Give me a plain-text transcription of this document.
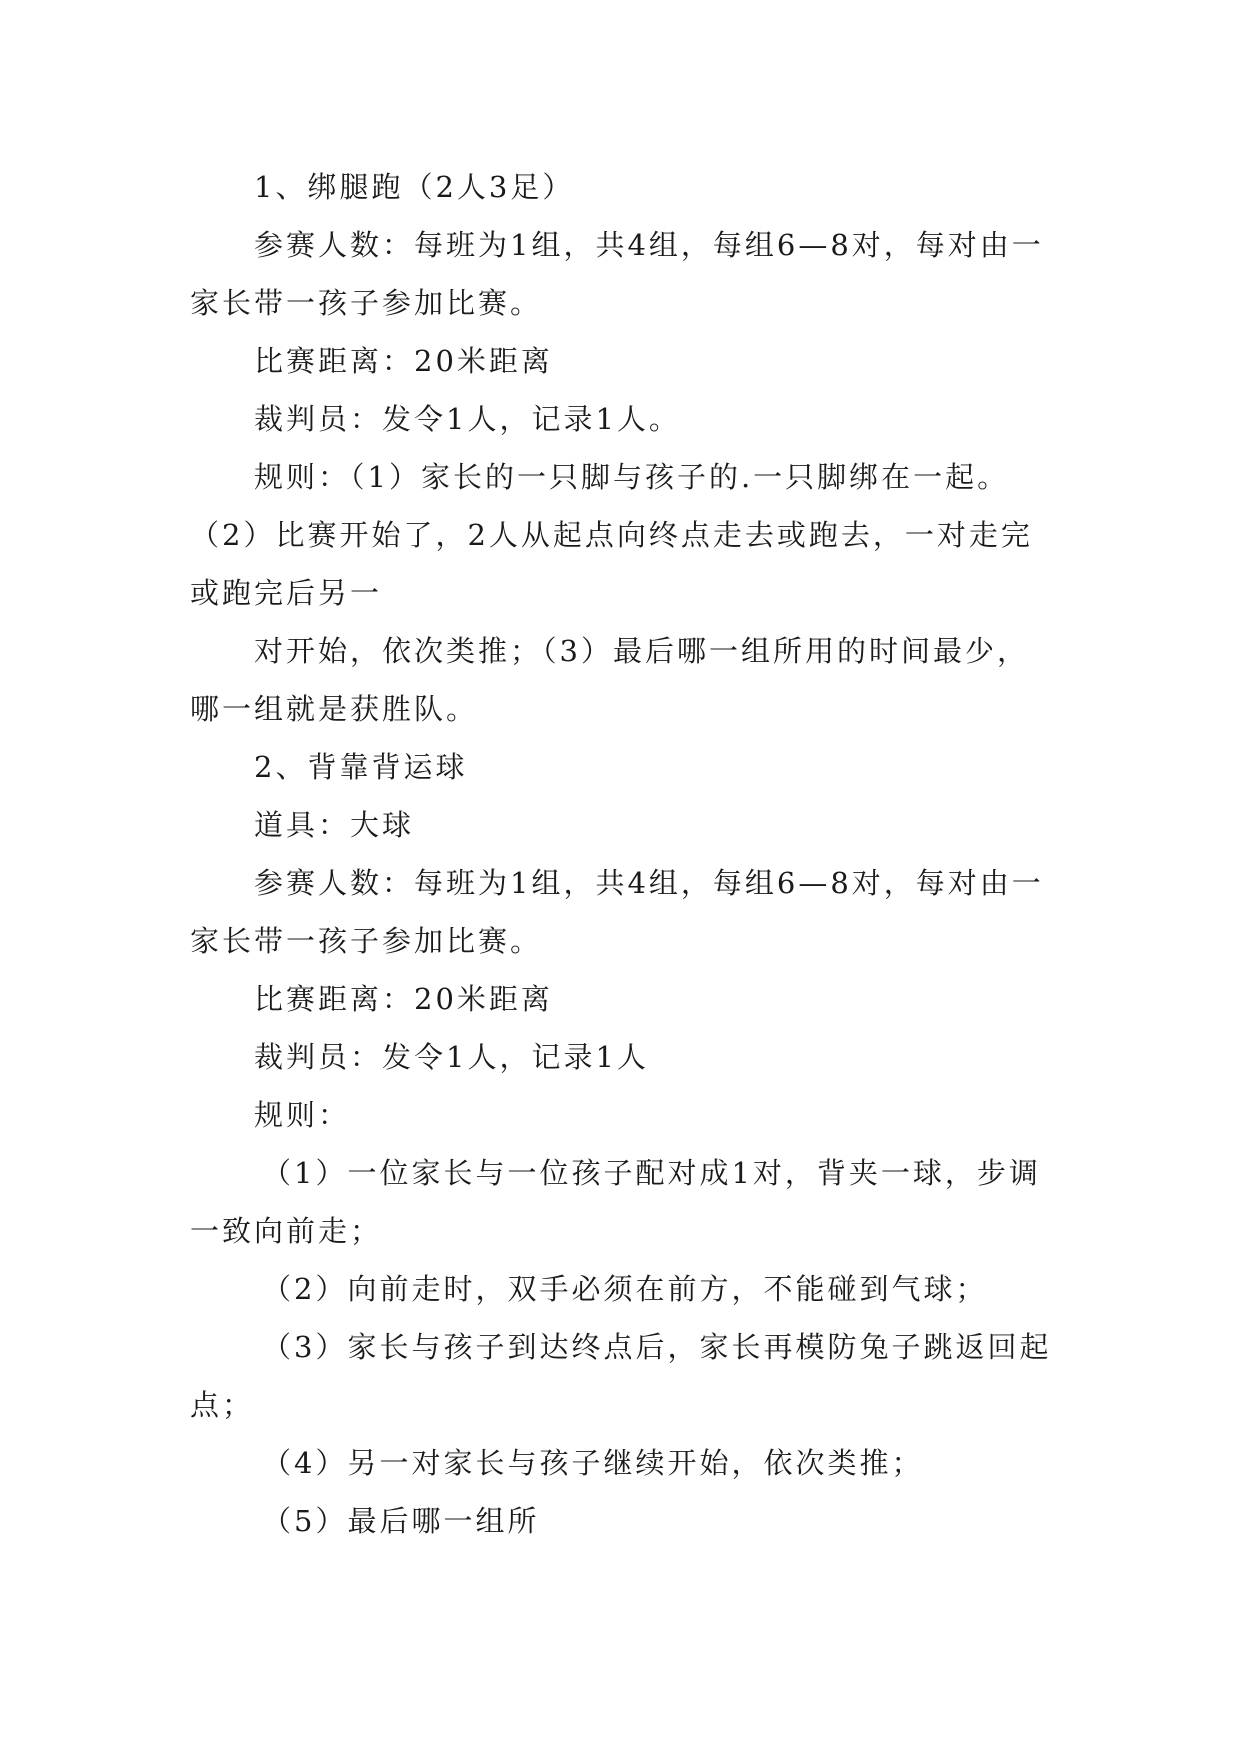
1、绑腿跑（2人3足）

参赛人数：每班为1组，共4组，每组6—8对，每对由一家长带一孩子参加比赛。

比赛距离：20米距离

裁判员：发令1人，记录1人。

规则：（1）家长的一只脚与孩子的.一只脚绑在一起。（2）比赛开始了，2人从起点向终点走去或跑去，一对走完或跑完后另一

对开始，依次类推；（3）最后哪一组所用的时间最少，哪一组就是获胜队。

2、背靠背运球

道具：大球

参赛人数：每班为1组，共4组，每组6—8对，每对由一家长带一孩子参加比赛。

比赛距离：20米距离

裁判员：发令1人，记录1人

规则：

（1）一位家长与一位孩子配对成1对，背夹一球，步调一致向前走；

（2）向前走时，双手必须在前方，不能碰到气球；

（3）家长与孩子到达终点后，家长再模防兔子跳返回起点；

（4）另一对家长与孩子继续开始，依次类推；

（5）最后哪一组所
